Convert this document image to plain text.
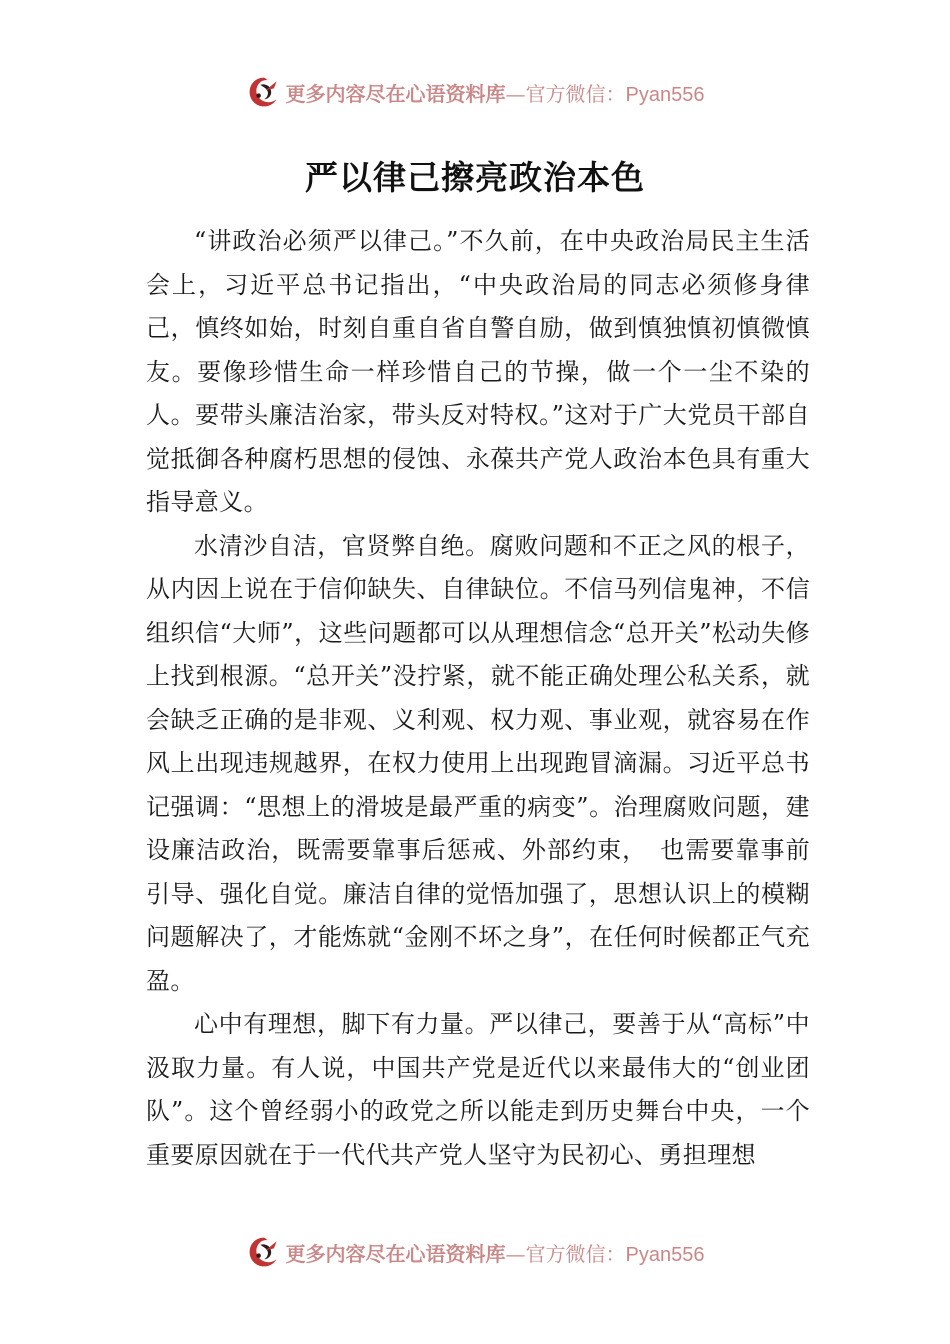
更多内容尽在心语资料库—官方微信：Pyan556
严以律己擦亮政治本色

“讲政治必须严以律己。”不久前，在中央政治局民主生活会上，习近平总书记指出，“中央政治局的同志必须修身律己，慎终如始，时刻自重自省自警自励，做到慎独慎初慎微慎友。要像珍惜生命一样珍惜自己的节操，做一个一尘不染的人。要带头廉洁治家，带头反对特权。”这对于广大党员干部自觉抵御各种腐朽思想的侵蚀、永葆共产党人政治本色具有重大指导意义。

水清沙自洁，官贤弊自绝。腐败问题和不正之风的根子，从内因上说在于信仰缺失、自律缺位。不信马列信鬼神，不信组织信“大师”，这些问题都可以从理想信念“总开关”松动失修上找到根源。“总开关”没拧紧，就不能正确处理公私关系，就会缺乏正确的是非观、义利观、权力观、事业观，就容易在作风上出现违规越界，在权力使用上出现跑冒滴漏。习近平总书记强调：“思想上的滑坡是最严重的病变”。治理腐败问题，建设廉洁政治，既需要靠事后惩戒、外部约束，　也需要靠事前引导、强化自觉。廉洁自律的觉悟加强了，思想认识上的模糊问题解决了，才能炼就“金刚不坏之身”，在任何时候都正气充盈。

心中有理想，脚下有力量。严以律己，要善于从“高标”中汲取力量。有人说，中国共产党是近代以来最伟大的“创业团队”。这个曾经弱小的政党之所以能走到历史舞台中央，一个重要原因就在于一代代共产党人坚守为民初心、勇担理想

更多内容尽在心语资料库—官方微信：Pyan556
